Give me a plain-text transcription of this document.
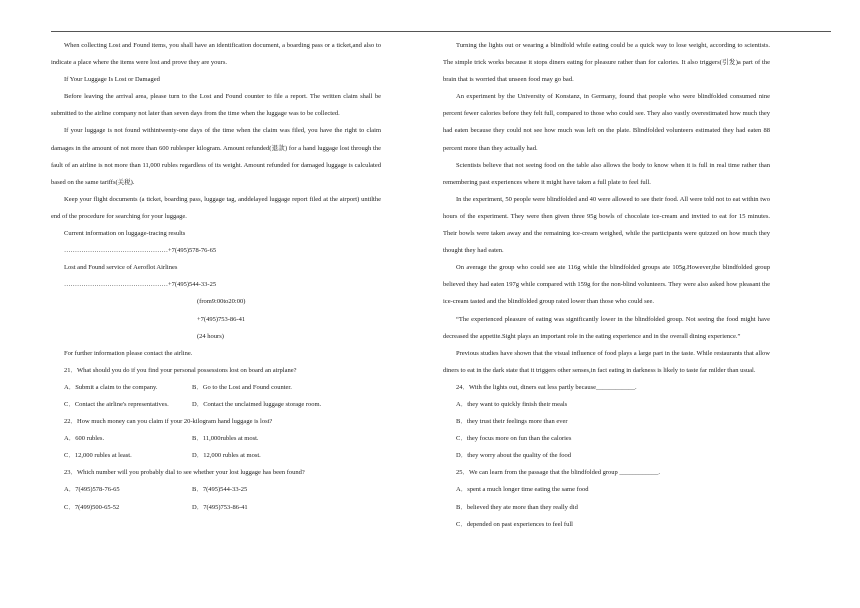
When collecting Lost and Found items, you shall have an identification document, a boarding pass or a ticket,and also to indicate a place where the items were lost and prove they are yours.

If Your Luggage Is Lost or Damaged

Before leaving the arrival area, please turn to the Lost and Found counter to file a report. The written claim shall be submitted to the airline company not later than seven days from the time when the luggage was to be collected.

If your luggage is not found withintwenty-one days of the time when the claim was filed, you have the right to claim damages in the amount of not more than 600 rublesper kilogram. Amount refunded(退款) for a hand luggage lost through the fault of an airline is not more than 11,000 rubles regardless of its weight. Amount refunded for damaged luggage is calculated based on the same tariffs(关税).

Keep your flight documents (a ticket, boarding pass, luggage tag, anddelayed luggage report filed at the airport) untilthe end of the procedure for searching for your luggage.

Current information on luggage-tracing results

…………………………………………+7(495)578-76-65

Lost and Found service of Aeroflot Airlines

…………………………………………+7(495)544-33-25

(from9:00to20:00)

+7(495)753-86-41

(24 hours)

For further information please contact the airline.

21．What should you do if you find your personal possessions lost on board an airplane?

A．Submit a claim to the company.	B．Go to the Lost and Found counter.
C．Contact the airline's representatives.	D．Contact the unclaimed luggage storage room.

22．How much money can you claim if your 20-kilogram hand luggage is lost?

A．600 rubles.	B．11,000rubles at most.
C．12,000 rubles at least.	D．12,000 rubles at most.

23．Which number will you probably dial to see whether your lost luggage has been found?

A．7(495)578-76-65	B．7(495)544-33-25
C．7(499)500-65-52	D．7(495)753-86-41

Turning the lights out or wearing a blindfold while eating could be a quick way to lose weight, according to scientists. The simple trick works because it stops diners eating for pleasure rather than for calories. It also triggers(引发)a part of the brain that is worried that unseen food may go bad.

An experiment by the University of Konstanz, in Germany, found that people who were blindfolded consumed nine percent fewer calories before they felt full, compared to those who could see. They also vastly overestimated how much they had eaten because they could not see how much was left on the plate. Blindfolded volunteers estimated they had eaten 88 percent more than they actually had.

Scientists believe that not seeing food on the table also allows the body to know when it is full in real time rather than remembering past experiences where it might have taken a full plate to feel full.

In the experiment, 50 people were blindfolded and 40 were allowed to see their food. All were told not to eat within two hours of the experiment. They were then given three 95g bowls of chocolate ice-cream and invited to eat for 15 minutes. Their bowls were taken away and the remaining ice-cream weighed, while the participants were quizzed on how much they thought they had eaten.

On average the group who could see ate 116g while the blindfolded groups ate 105g.However,the blindfolded group believed they had eaten 197g while compared with 159g for the non-blind volunteers. They were also asked how pleasant the ice-cream tasted and the blindfolded group rated lower than those who could see.

“The experienced pleasure of eating was significantly lower in the blindfolded group. Not seeing the food might have decreased the appetite.Sight plays an important role in the eating experience and in the overall dining experience.”

Previous studies have shown that the visual influence of food plays a large part in the taste. While restaurants that allow diners to eat in the dark state that it triggers other senses,in fact eating in darkness is likely to taste far milder than usual.

24．With the lights out, diners eat less partly because____________.

A．they want to quickly finish their meals

B．they trust their feelings more than ever

C．they focus more on fun than the calories

D．they worry about the quality of the food

25．We can learn from the passage that the blindfolded group ____________.

A．spent a much longer time eating the same food

B．believed they ate more than they really did

C．depended on past experiences to feel full
